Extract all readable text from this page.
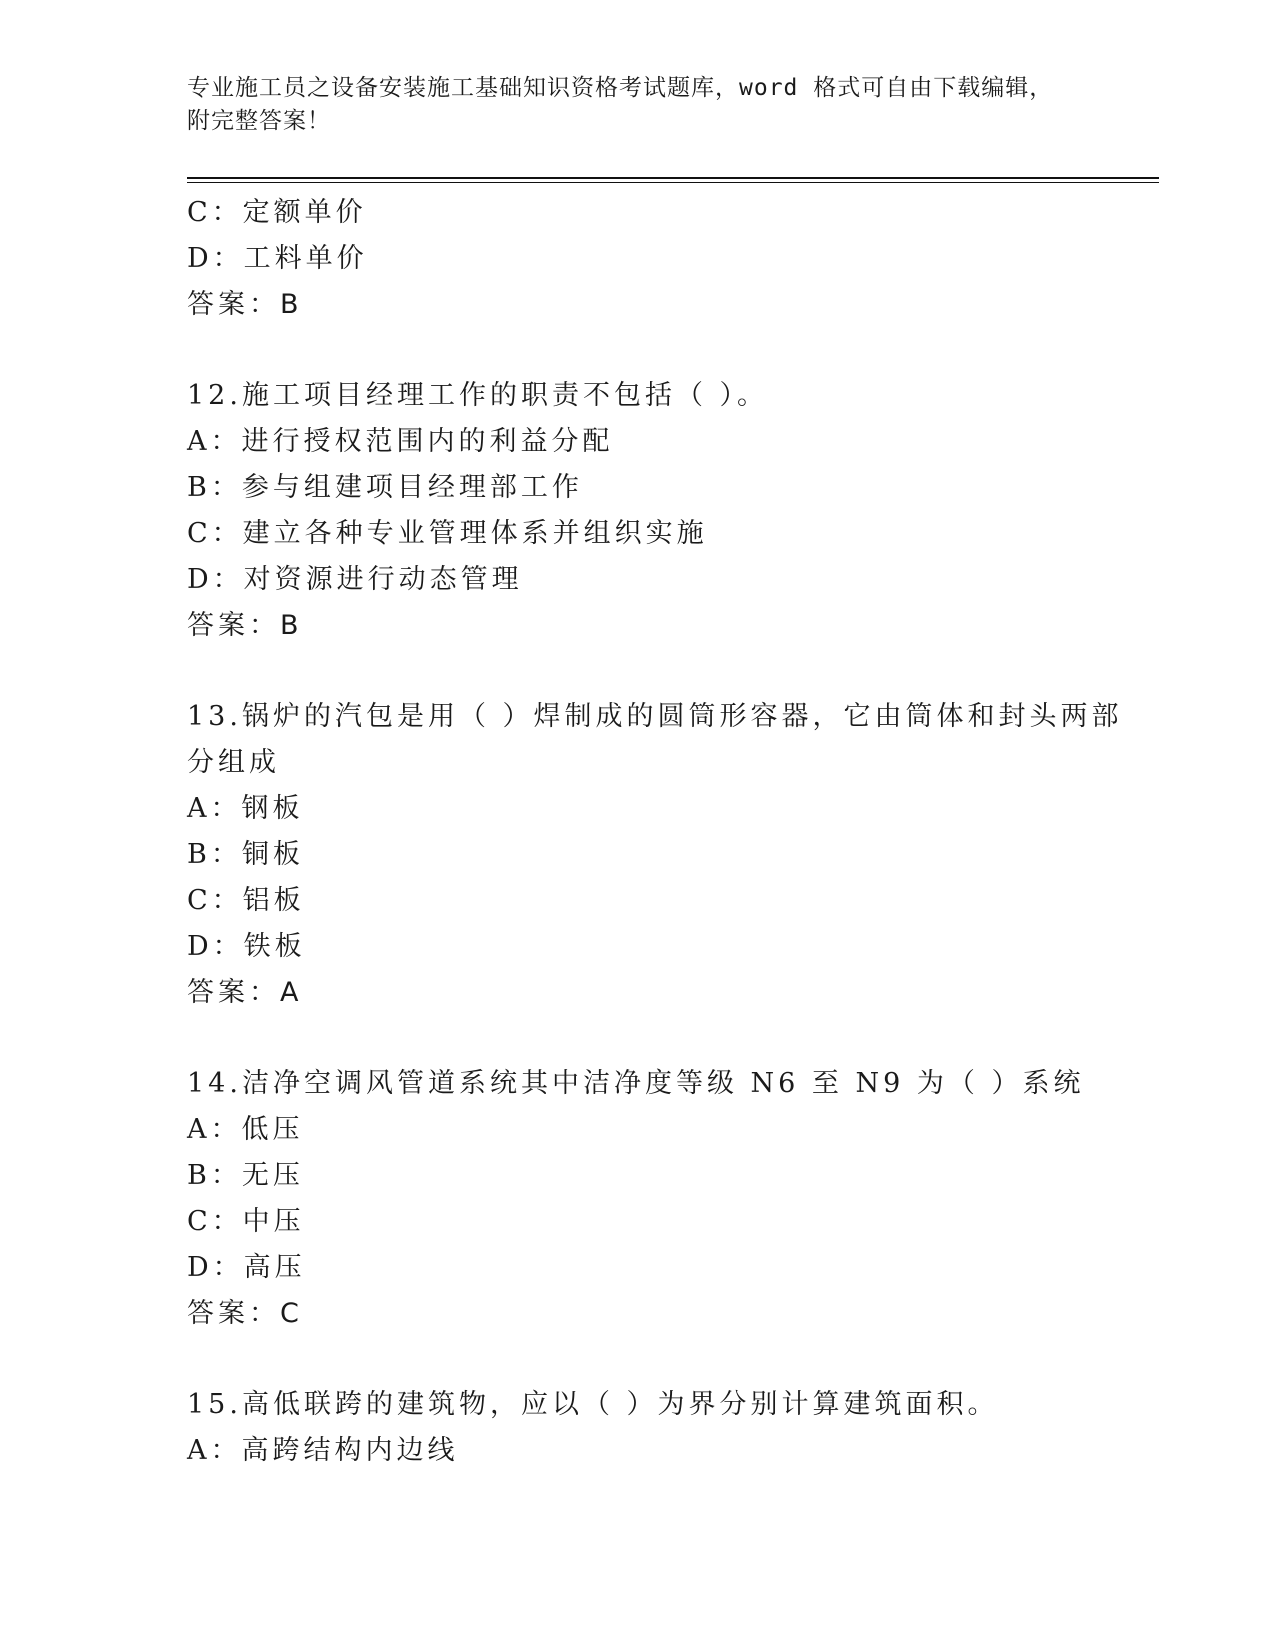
专业施工员之设备安装施工基础知识资格考试题库，word 格式可自由下载编辑，
附完整答案！
C：定额单价
D：工料单价
答案：B
12.施工项目经理工作的职责不包括（ ）。
A：进行授权范围内的利益分配
B：参与组建项目经理部工作
C：建立各种专业管理体系并组织实施
D：对资源进行动态管理
答案：B
13.锅炉的汽包是用（ ）焊制成的圆筒形容器，它由筒体和封头两部
分组成
A：钢板
B：铜板
C：铝板
D：铁板
答案：A
14.洁净空调风管道系统其中洁净度等级 N6 至 N9 为（ ）系统
A：低压
B：无压
C：中压
D：高压
答案：C
15.高低联跨的建筑物，应以（ ）为界分别计算建筑面积。
A：高跨结构内边线
